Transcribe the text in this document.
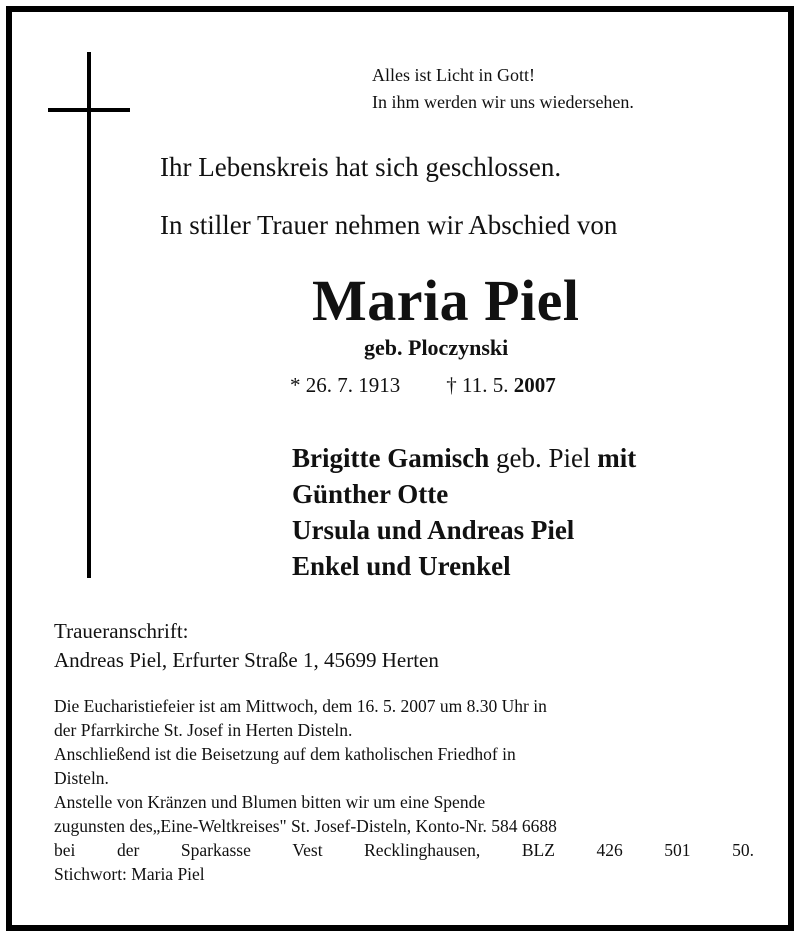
Alles ist Licht in Gott!
In ihm werden wir uns wiedersehen.
Ihr Lebenskreis hat sich geschlossen.
In stiller Trauer nehmen wir Abschied von
Maria Piel
geb. Ploczynski
* 26. 7. 1913 † 11. 5. 2007
Brigitte Gamisch geb. Piel mit
Günther Otte
Ursula und Andreas Piel
Enkel und Urenkel
Traueranschrift:
Andreas Piel, Erfurter Straße 1, 45699 Herten
Die Eucharistiefeier ist am Mittwoch, dem 16. 5. 2007 um 8.30 Uhr in
der Pfarrkirche St. Josef in Herten Disteln.
Anschließend ist die Beisetzung auf dem katholischen Friedhof in
Disteln.
Anstelle von Kränzen und Blumen bitten wir um eine Spende
zugunsten des„Eine-Weltkreises" St. Josef-Disteln, Konto-Nr. 584 6688
bei der Sparkasse Vest Recklinghausen, BLZ 426 501 50.
Stichwort: Maria Piel
